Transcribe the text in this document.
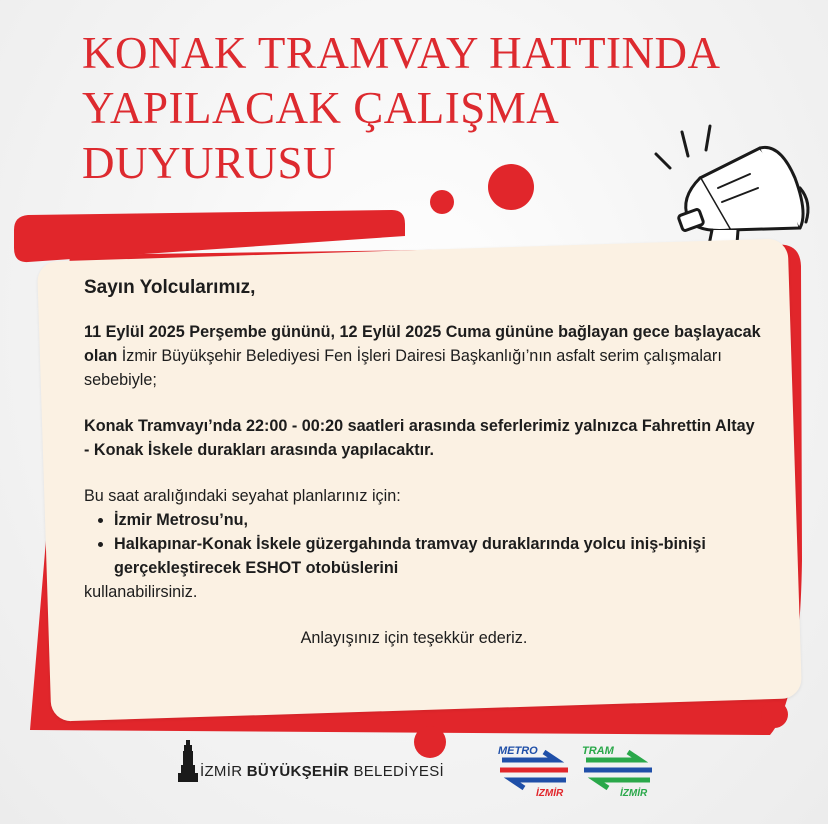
KONAK TRAMVAY HATTINDA
YAPILACAK ÇALIŞMA
DUYURUSU

Sayın Yolcularımız,

11 Eylül 2025 Perşembe gününü, 12 Eylül 2025 Cuma gününe bağlayan gece başlayacak olan İzmir Büyükşehir Belediyesi Fen İşleri Dairesi Başkanlığı’nın asfalt serim çalışmaları sebebiyle;

Konak Tramvayı’nda 22:00 - 00:20 saatleri arasında seferlerimiz yalnızca Fahrettin Altay - Konak İskele durakları arasında yapılacaktır.

Bu saat aralığındaki seyahat planlarınız için:

• İzmir Metrosu’nu,
• Halkapınar-Konak İskele güzergahında tramvay duraklarında yolcu iniş-binişi gerçekleştirecek ESHOT otobüslerini

kullanabilirsiniz.

Anlayışınız için teşekkür ederiz.

İZMİR BÜYÜKŞEHİR BELEDİYESİ
METRO
İZMİR
TRAM
İZMİR
